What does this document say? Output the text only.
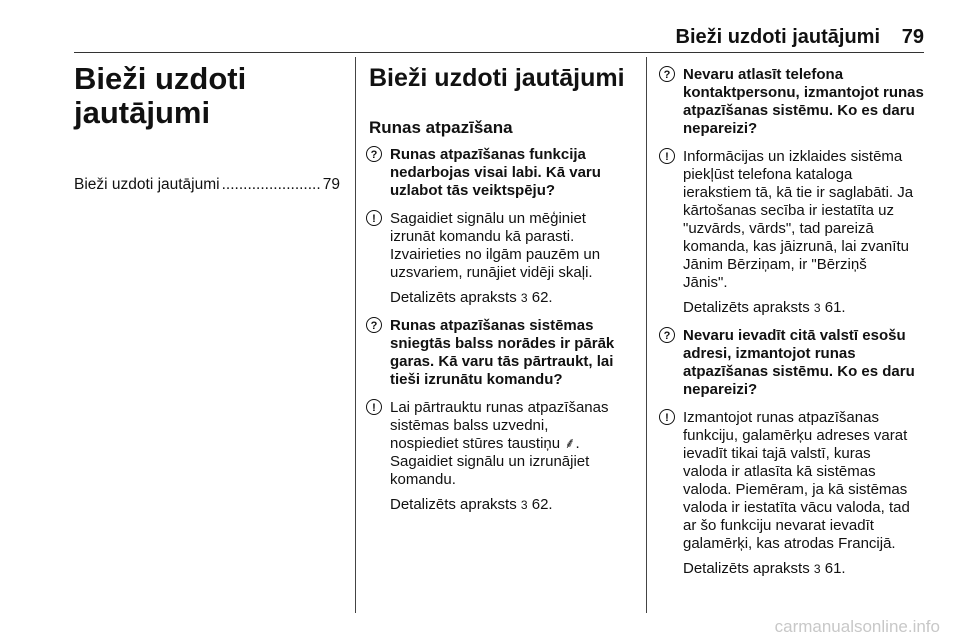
Bieži uzdoti jautājumi	79
Bieži uzdoti
jautājumi
Bieži uzdoti jautājumi
.....	79
Bieži uzdoti jautājumi
Runas atpazīšana
? Runas atpazīšanas funkcija
nedarbojas visai labi. Kā varu
uzlabot tās veiktspēju?
! Sagaidiet signālu un mēģiniet
izrunāt komandu kā parasti.
Izvairieties no ilgām pauzēm un
uzsvariem, runājiet vidēji skaļi.
Detalizēts apraksts 3 62.
? Runas atpazīšanas sistēmas
sniegtās balss norādes ir pārāk
garas. Kā varu tās pārtraukt, lai
tieši izrunātu komandu?
! Lai pārtrauktu runas atpazīšanas
sistēmas balss uzvedni,
nospiediet stūres taustiņu ⸙.
Sagaidiet signālu un izrunājiet
komandu.
Detalizēts apraksts 3 62.
? Nevaru atlasīt telefona
kontaktpersonu, izmantojot runas
atpazīšanas sistēmu. Ko es daru
nepareizi?
! Informācijas un izklaides sistēma
piekļūst telefona kataloga
ierakstiem tā, kā tie ir saglabāti. Ja
kārtošanas secība ir iestatīta uz
"uzvārds, vārds", tad pareizā
komanda, kas jāizrunā, lai zvanītu
Jānim Bērziņam, ir "Bērziņš
Jānis".
Detalizēts apraksts 3 61.
? Nevaru ievadīt citā valstī esošu
adresi, izmantojot runas
atpazīšanas sistēmu. Ko es daru
nepareizi?
! Izmantojot runas atpazīšanas
funkciju, galamērķu adreses varat
ievadīt tikai tajā valstī, kuras
valoda ir atlasīta kā sistēmas
valoda. Piemēram, ja kā sistēmas
valoda ir iestatīta vācu valoda, tad
ar šo funkciju nevarat ievadīt
galamērķi, kas atrodas Francijā.
Detalizēts apraksts 3 61.
carmanualsonline.info
